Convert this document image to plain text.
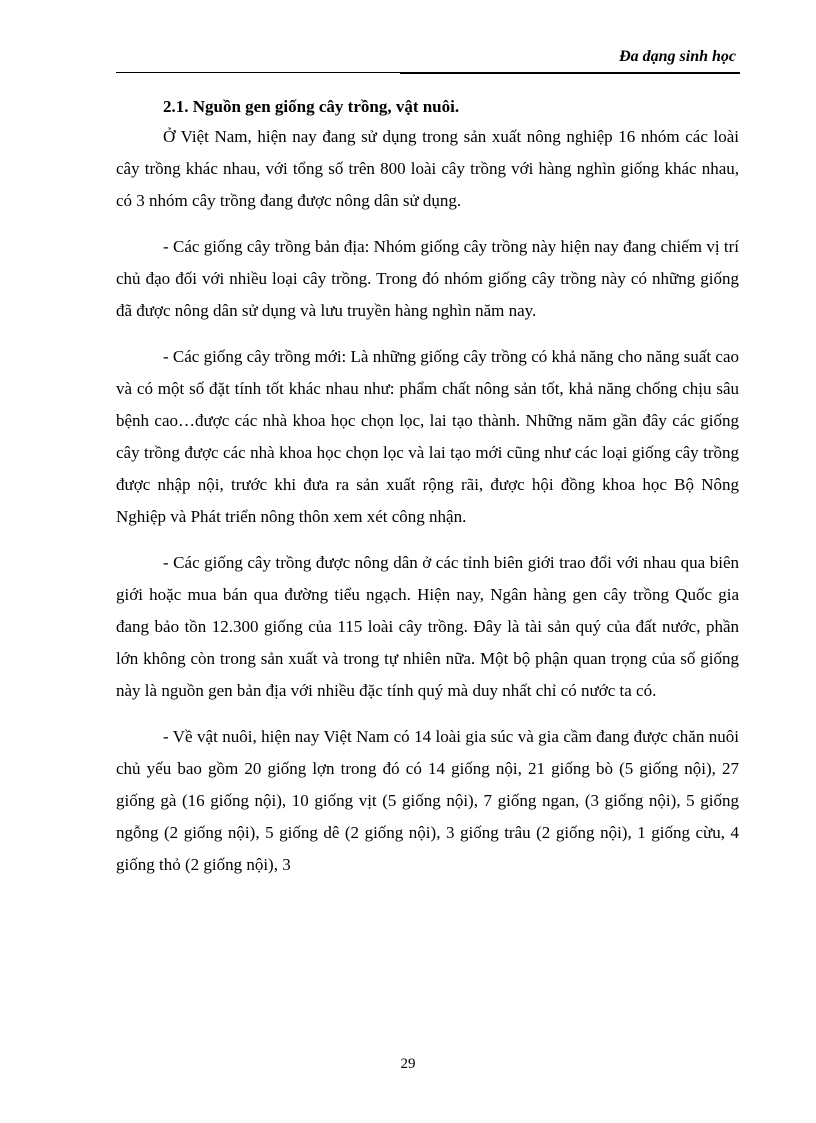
Đa dạng sinh học
2.1. Nguồn gen giống cây trồng, vật nuôi.

Ở Việt Nam, hiện nay đang sử dụng trong sản xuất nông nghiệp 16 nhóm các loài cây trồng khác nhau, với tổng số trên 800 loài cây trồng với hàng nghìn giống khác nhau, có 3 nhóm cây trồng đang được nông dân sử dụng.

- Các giống cây trồng bản địa: Nhóm giống cây trồng này hiện nay đang chiếm vị trí chủ đạo đối với nhiều loại cây trồng. Trong đó nhóm giống cây trồng này có những giống đã được nông dân sử dụng và lưu truyền hàng nghìn năm nay.

- Các giống cây trồng mới: Là những giống cây trồng có khả năng cho năng suất cao và có một số đặt tính tốt khác nhau như: phẩm chất nông sản tốt, khả năng chống chịu sâu bệnh cao…được các nhà khoa học chọn lọc, lai tạo thành. Những năm gần đây các giống cây trồng được các nhà khoa học chọn lọc và lai tạo mới cũng như các loại giống cây trồng được nhập nội, trước khi đưa ra sản xuất rộng rãi, được hội đồng khoa học Bộ Nông Nghiệp và Phát triển nông thôn xem xét công nhận.

- Các giống cây trồng được nông dân ở các tỉnh biên giới trao đổi với nhau qua biên giới hoặc mua bán qua đường tiểu ngạch. Hiện nay, Ngân hàng gen cây trồng Quốc gia đang bảo tồn 12.300 giống của 115 loài cây trồng. Đây là tài sản quý của đất nước, phần lớn không còn trong sản xuất và trong tự nhiên nữa. Một bộ phận quan trọng của số giống này là nguồn gen bản địa với nhiều đặc tính quý mà duy nhất chỉ có nước ta có.

- Về vật nuôi, hiện nay Việt Nam có 14 loài gia súc và gia cầm đang được chăn nuôi chủ yếu bao gồm 20 giống lợn trong đó có 14 giống nội, 21 giống bò (5 giống nội), 27 giống gà (16 giống nội), 10 giống vịt (5 giống nội), 7 giống ngan, (3 giống nội), 5 giống ngỗng (2 giống nội), 5 giống dê (2 giống nội), 3 giống trâu (2 giống nội), 1 giống cừu, 4 giống thỏ (2 giống nội), 3

29
